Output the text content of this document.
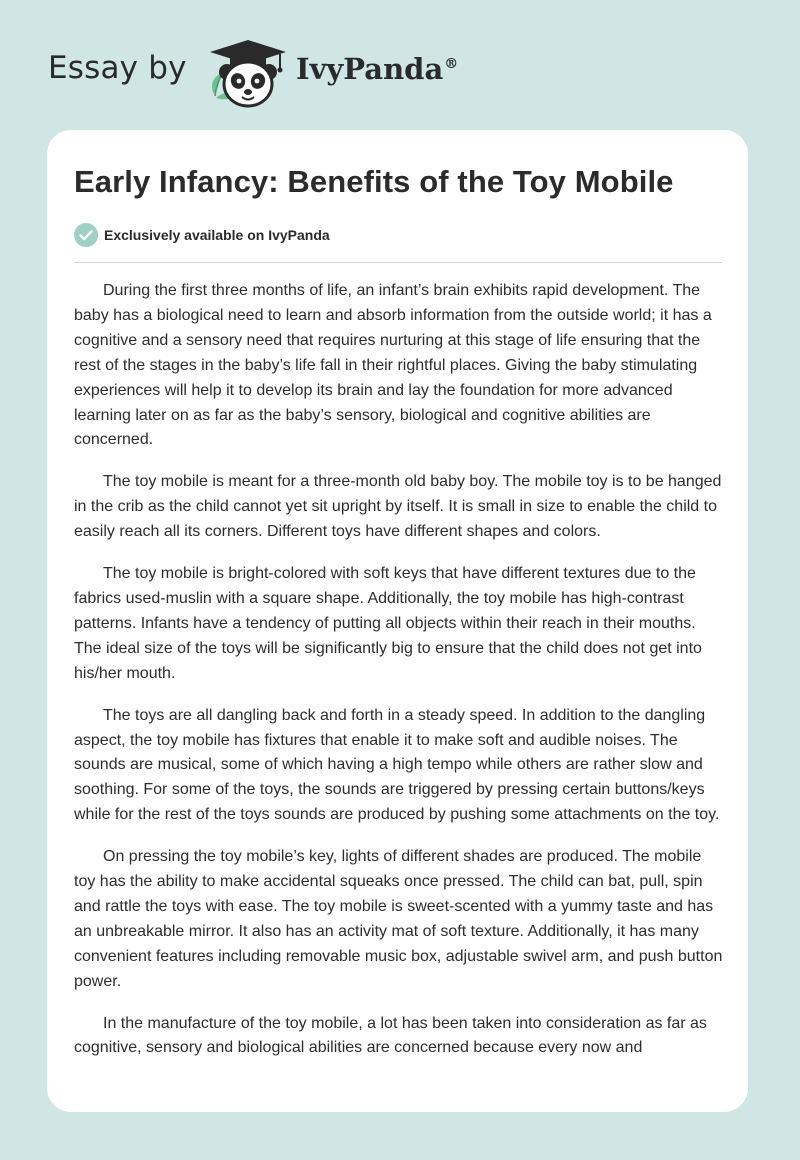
Essay by	IvyPanda®
Early Infancy: Benefits of the Toy Mobile
Exclusively available on IvyPanda

During the first three months of life, an infant’s brain exhibits rapid development. The baby has a biological need to learn and absorb information from the outside world; it has a cognitive and a sensory need that requires nurturing at this stage of life ensuring that the rest of the stages in the baby’s life fall in their rightful places. Giving the baby stimulating experiences will help it to develop its brain and lay the foundation for more advanced learning later on as far as the baby’s sensory, biological and cognitive abilities are concerned.

The toy mobile is meant for a three-month old baby boy. The mobile toy is to be hanged in the crib as the child cannot yet sit upright by itself. It is small in size to enable the child to easily reach all its corners. Different toys have different shapes and colors.

The toy mobile is bright-colored with soft keys that have different textures due to the fabrics used-muslin with a square shape. Additionally, the toy mobile has high-contrast patterns. Infants have a tendency of putting all objects within their reach in their mouths. The ideal size of the toys will be significantly big to ensure that the child does not get into his/her mouth.

The toys are all dangling back and forth in a steady speed. In addition to the dangling aspect, the toy mobile has fixtures that enable it to make soft and audible noises. The sounds are musical, some of which having a high tempo while others are rather slow and soothing. For some of the toys, the sounds are triggered by pressing certain buttons/keys while for the rest of the toys sounds are produced by pushing some attachments on the toy.

On pressing the toy mobile’s key, lights of different shades are produced. The mobile toy has the ability to make accidental squeaks once pressed. The child can bat, pull, spin and rattle the toys with ease. The toy mobile is sweet-scented with a yummy taste and has an unbreakable mirror. It also has an activity mat of soft texture. Additionally, it has many convenient features including removable music box, adjustable swivel arm, and push button power.

In the manufacture of the toy mobile, a lot has been taken into consideration as far as cognitive, sensory and biological abilities are concerned because every now and
